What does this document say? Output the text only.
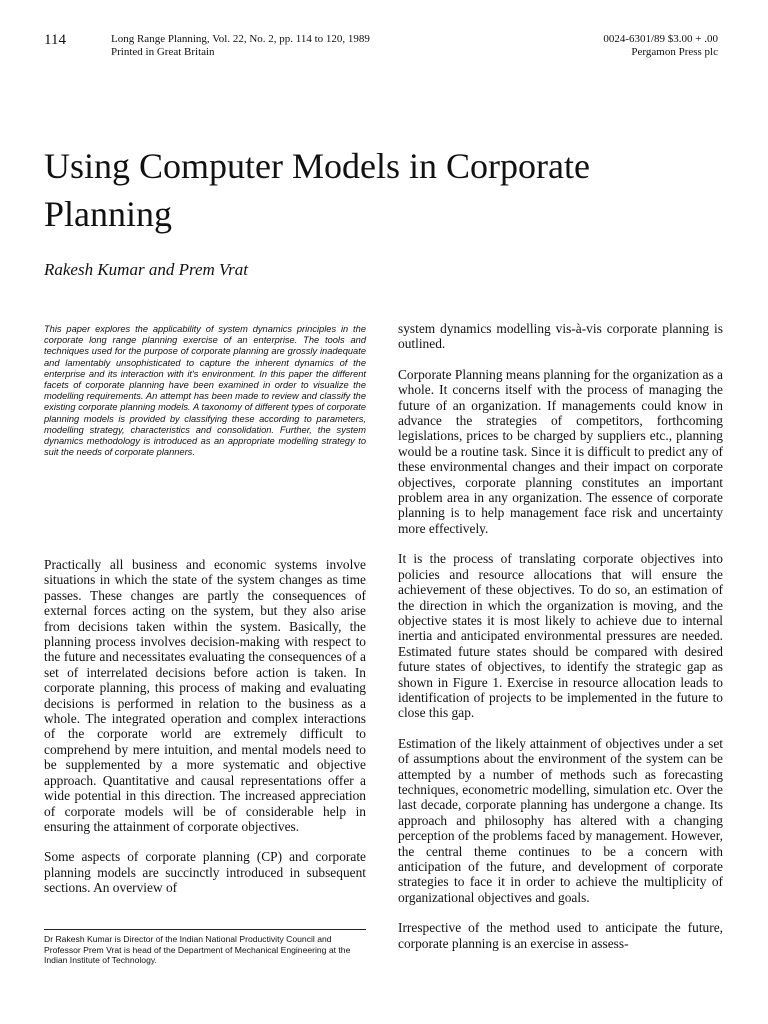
114	Long Range Planning, Vol. 22, No. 2, pp. 114 to 120, 1989
Printed in Great Britain
0024-6301/89 $3.00 + .00
Pergamon Press plc
Using Computer Models in Corporate Planning
Rakesh Kumar and Prem Vrat

This paper explores the applicability of system dynamics principles in the corporate long range planning exercise of an enterprise. The tools and techniques used for the purpose of corporate planning are grossly inadequate and lamentably unsophisticated to capture the inherent dynamics of the enterprise and its interaction with it's environment. In this paper the different facets of corporate planning have been examined in order to visualize the modelling requirements. An attempt has been made to review and classify the existing corporate planning models. A taxonomy of different types of corporate planning models is provided by classifying these according to parameters, modelling strategy, characteristics and consolidation. Further, the system dynamics methodology is introduced as an appropriate modelling strategy to suit the needs of corporate planners.

Practically all business and economic systems involve situations in which the state of the system changes as time passes. These changes are partly the consequences of external forces acting on the system, but they also arise from decisions taken within the system. Basically, the planning process involves decision-making with respect to the future and necessitates evaluating the consequences of a set of interrelated decisions before action is taken. In corporate planning, this process of making and evaluating decisions is performed in relation to the business as a whole. The integrated operation and complex interactions of the corporate world are extremely difficult to comprehend by mere intuition, and mental models need to be supplemented by a more systematic and objective approach. Quantitative and causal representations offer a wide potential in this direction. The increased appreciation of corporate models will be of considerable help in ensuring the attainment of corporate objectives.

Some aspects of corporate planning (CP) and corporate planning models are succinctly introduced in subsequent sections. An overview of

Dr Rakesh Kumar is Director of the Indian National Productivity Council and Professor Prem Vrat is head of the Department of Mechanical Engineering at the Indian Institute of Technology.

system dynamics modelling vis-à-vis corporate planning is outlined.

Corporate Planning means planning for the organization as a whole. It concerns itself with the process of managing the future of an organization. If managements could know in advance the strategies of competitors, forthcoming legislations, prices to be charged by suppliers etc., planning would be a routine task. Since it is difficult to predict any of these environmental changes and their impact on corporate objectives, corporate planning constitutes an important problem area in any organization. The essence of corporate planning is to help management face risk and uncertainty more effectively.

It is the process of translating corporate objectives into policies and resource allocations that will ensure the achievement of these objectives. To do so, an estimation of the direction in which the organization is moving, and the objective states it is most likely to achieve due to internal inertia and anticipated environmental pressures are needed. Estimated future states should be compared with desired future states of objectives, to identify the strategic gap as shown in Figure 1. Exercise in resource allocation leads to identification of projects to be implemented in the future to close this gap.

Estimation of the likely attainment of objectives under a set of assumptions about the environment of the system can be attempted by a number of methods such as forecasting techniques, econometric modelling, simulation etc. Over the last decade, corporate planning has undergone a change. Its approach and philosophy has altered with a changing perception of the problems faced by management. However, the central theme continues to be a concern with anticipation of the future, and development of corporate strategies to face it in order to achieve the multiplicity of organizational objectives and goals.

Irrespective of the method used to anticipate the future, corporate planning is an exercise in assess-
